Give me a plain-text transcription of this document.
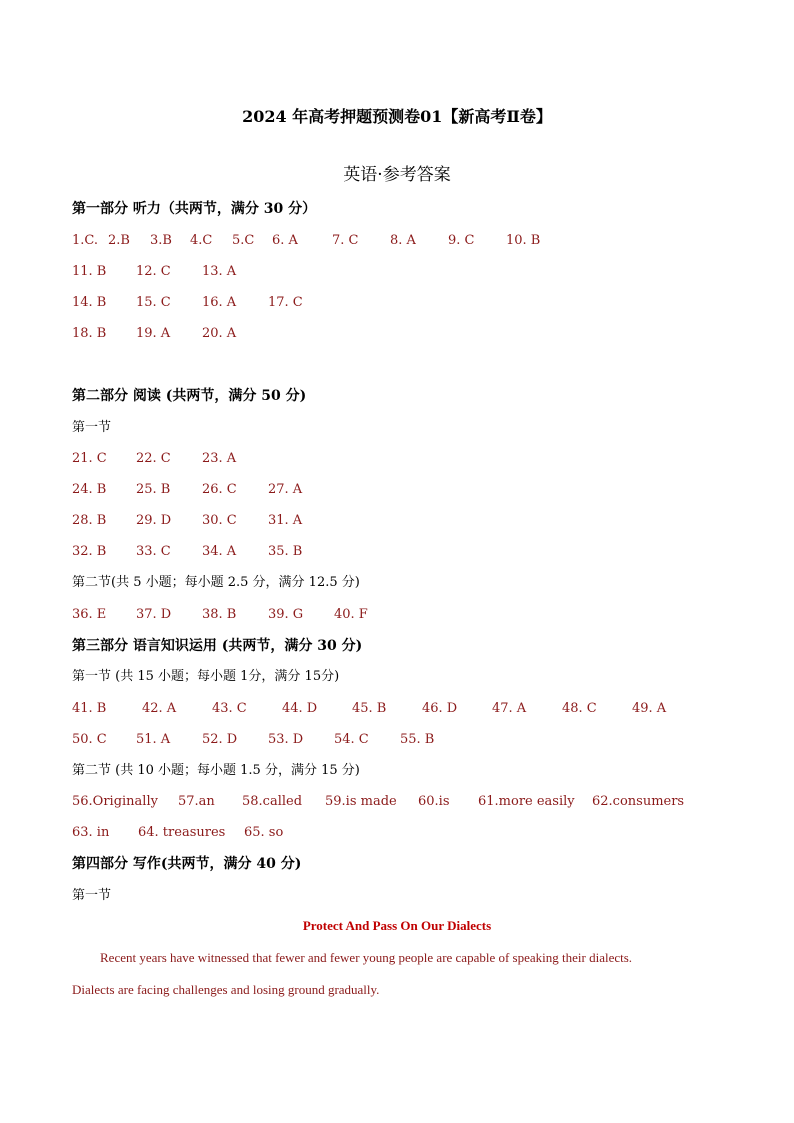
2024 年高考押题预测卷01【新高考Ⅱ卷】
英语·参考答案
第一部分 听力（共两节，满分 30 分）
1.C. 2.B 3.B 4.C 5.C 6. A	7. C 8. A 9. C 10. B
11. B 12. C 13. A
14. B 15. C 16. A 17. C
18. B 19. A 20. A
第二部分 阅读 (共两节，满分 50 分)
第一节
21. C 22. C 23. A
24. B 25. B 26. C 27. A
28. B 29. D 30. C 31. A
32. B 33. C 34. A 35. B
第二节(共 5 小题；每小题 2.5 分，满分 12.5 分)
36. E 37. D 38. B 39. G 40. F
第三部分 语言知识运用 (共两节，满分 30 分)
第一节 (共 15 小题；每小题 1分，满分 15分)
41. B	42. A	43. C	44. D	45. B	46. D	47. A	48. C	49. A
50. C 51. A 52. D 53. D 54. C 55. B
第二节 (共 10 小题；每小题 1.5 分，满分 15 分)
56.Originally 57.an 58.called 59.is made 60.is 61.more easily 62.consumers
63. in 64. treasures 65. so
第四部分 写作(共两节，满分 40 分)
第一节
Protect And Pass On Our Dialects
Recent years have witnessed that fewer and fewer young people are capable of speaking their dialects.
Dialects are facing challenges and losing ground gradually.
